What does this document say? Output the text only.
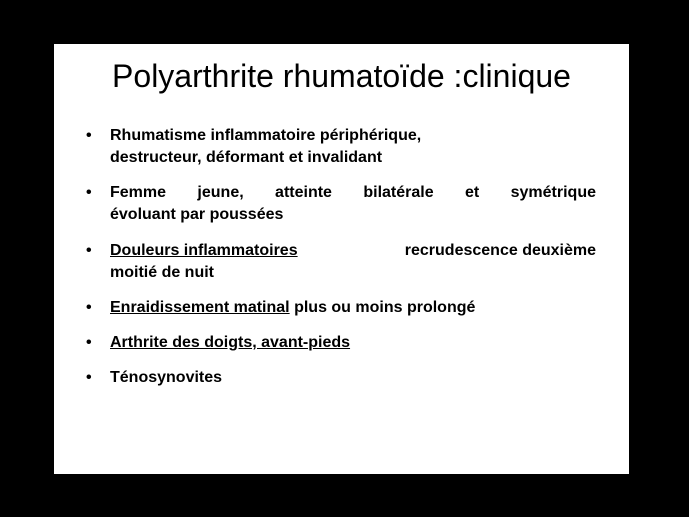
Polyarthrite rhumatoïde :clinique
• Rhumatisme inflammatoire périphérique,
destructeur, déformant et invalidant
• Femme jeune, atteinte bilatérale et symétrique
évoluant par poussées
• Douleurs inflammatoires	recrudescence deuxième
moitié de nuit
• Enraidissement matinal plus ou moins prolongé
• Arthrite des doigts, avant-pieds
• Ténosynovites
